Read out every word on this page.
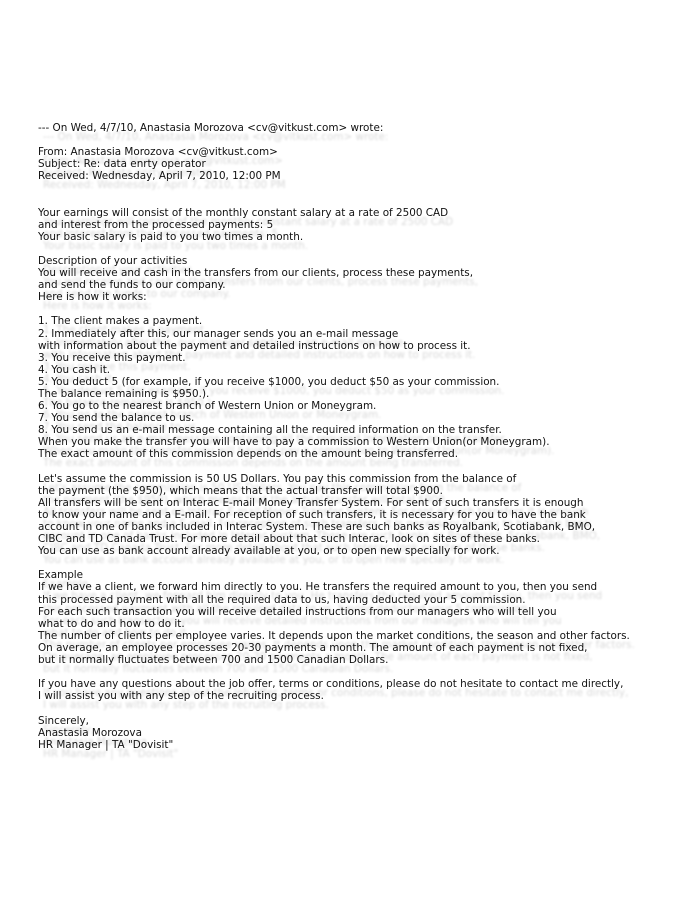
--- On Wed, 4/7/10, Anastasia Morozova <cv@vitkust.com> wrote:
From: Anastasia Morozova <cv@vitkust.com>
Subject: Re: data enrty operator
Received: Wednesday, April 7, 2010, 12:00 PM
Your earnings will consist of the monthly constant salary at a rate of 2500 CAD
and interest from the processed payments: 5
Your basic salary is paid to you two times a month.
Description of your activities
You will receive and cash in the transfers from our clients, process these payments,
and send the funds to our company.
Here is how it works:
1. The client makes a payment.
2. Immediately after this, our manager sends you an e-mail message
with information about the payment and detailed instructions on how to process it.
3. You receive this payment.
4. You cash it.
5. You deduct 5 (for example, if you receive $1000, you deduct $50 as your commission.
The balance remaining is $950.).
6. You go to the nearest branch of Western Union or Moneygram.
7. You send the balance to us.
8. You send us an e-mail message containing all the required information on the transfer.
When you make the transfer you will have to pay a commission to Western Union(or Moneygram).
The exact amount of this commission depends on the amount being transferred.
Let's assume the commission is 50 US Dollars. You pay this commission from the balance of
the payment (the $950), which means that the actual transfer will total $900.
All transfers will be sent on Interac E-mail Money Transfer System. For sent of such transfers it is enough
to know your name and a E-mail. For reception of such transfers, it is necessary for you to have the bank
account in one of banks included in Interac System. These are such banks as Royalbank, Scotiabank, BMO,
CIBC and TD Canada Trust. For more detail about that such Interac, look on sites of these banks.
You can use as bank account already available at you, or to open new specially for work.
Example
If we have a client, we forward him directly to you. He transfers the required amount to you, then you send
this processed payment with all the required data to us, having deducted your 5 commission.
For each such transaction you will receive detailed instructions from our managers who will tell you
what to do and how to do it.
The number of clients per employee varies. It depends upon the market conditions, the season and other factors.
On average, an employee processes 20-30 payments a month. The amount of each payment is not fixed,
but it normally fluctuates between 700 and 1500 Canadian Dollars.
If you have any questions about the job offer, terms or conditions, please do not hesitate to contact me directly,
I will assist you with any step of the recruiting process.
Sincerely,
Anastasia Morozova
HR Manager | TA "Dovisit"
